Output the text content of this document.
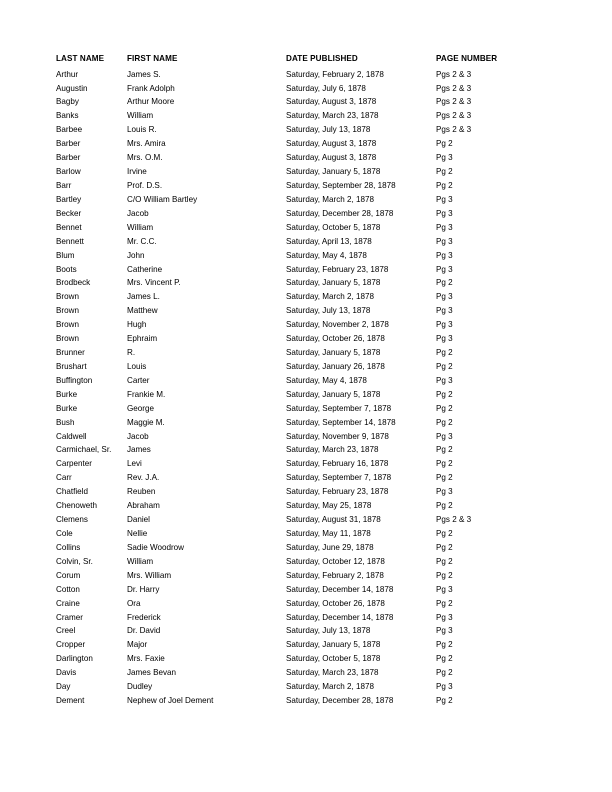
LAST NAME	FIRST NAME	DATE PUBLISHED	PAGE NUMBER
Arthur	James S.	Saturday, February 2, 1878	Pgs 2 & 3
Augustin	Frank Adolph	Saturday, July 6, 1878	Pgs 2 & 3
Bagby	Arthur Moore	Saturday, August 3, 1878	Pgs 2 & 3
Banks	William	Saturday, March 23, 1878	Pgs 2 & 3
Barbee	Louis R.	Saturday, July 13, 1878	Pgs 2 & 3
Barber	Mrs. Amira	Saturday, August 3, 1878	Pg 2
Barber	Mrs. O.M.	Saturday, August 3, 1878	Pg 3
Barlow	Irvine	Saturday, January 5, 1878	Pg 2
Barr	Prof. D.S.	Saturday, September 28, 1878	Pg 2
Bartley	C/O William Bartley	Saturday, March 2, 1878	Pg 3
Becker	Jacob	Saturday, December 28, 1878	Pg 3
Bennet	William	Saturday, October 5, 1878	Pg 3
Bennett	Mr. C.C.	Saturday, April 13, 1878	Pg 3
Blum	John	Saturday, May 4, 1878	Pg 3
Boots	Catherine	Saturday, February 23, 1878	Pg 3
Brodbeck	Mrs. Vincent P.	Saturday, January 5, 1878	Pg 2
Brown	James L.	Saturday, March 2, 1878	Pg 3
Brown	Matthew	Saturday, July 13, 1878	Pg 3
Brown	Hugh	Saturday, November 2, 1878	Pg 3
Brown	Ephraim	Saturday, October 26, 1878	Pg 3
Brunner	R.	Saturday, January 5, 1878	Pg 2
Brushart	Louis	Saturday, January 26, 1878	Pg 2
Buffington	Carter	Saturday, May 4, 1878	Pg 3
Burke	Frankie M.	Saturday, January 5, 1878	Pg 2
Burke	George	Saturday, September 7, 1878	Pg 2
Bush	Maggie M.	Saturday, September 14, 1878	Pg 2
Caldwell	Jacob	Saturday, November 9, 1878	Pg 3
Carmichael, Sr.	James	Saturday, March 23, 1878	Pg 2
Carpenter	Levi	Saturday, February 16, 1878	Pg 2
Carr	Rev. J.A.	Saturday, September 7, 1878	Pg 2
Chatfield	Reuben	Saturday, February 23, 1878	Pg 3
Chenoweth	Abraham	Saturday, May 25, 1878	Pg 2
Clemens	Daniel	Saturday, August 31, 1878	Pgs 2 & 3
Cole	Nellie	Saturday, May 11, 1878	Pg 2
Collins	Sadie Woodrow	Saturday, June 29, 1878	Pg 2
Colvin, Sr.	William	Saturday, October 12, 1878	Pg 2
Corum	Mrs. William	Saturday, February 2, 1878	Pg 2
Cotton	Dr. Harry	Saturday, December 14, 1878	Pg 3
Craine	Ora	Saturday, October 26, 1878	Pg 2
Cramer	Frederick	Saturday, December 14, 1878	Pg 3
Creel	Dr. David	Saturday, July 13, 1878	Pg 3
Cropper	Major	Saturday, January 5, 1878	Pg 2
Darlington	Mrs. Faxie	Saturday, October 5, 1878	Pg 2
Davis	James Bevan	Saturday, March 23, 1878	Pg 2
Day	Dudley	Saturday, March 2, 1878	Pg 3
Dement	Nephew of Joel Dement	Saturday, December 28, 1878	Pg 2
